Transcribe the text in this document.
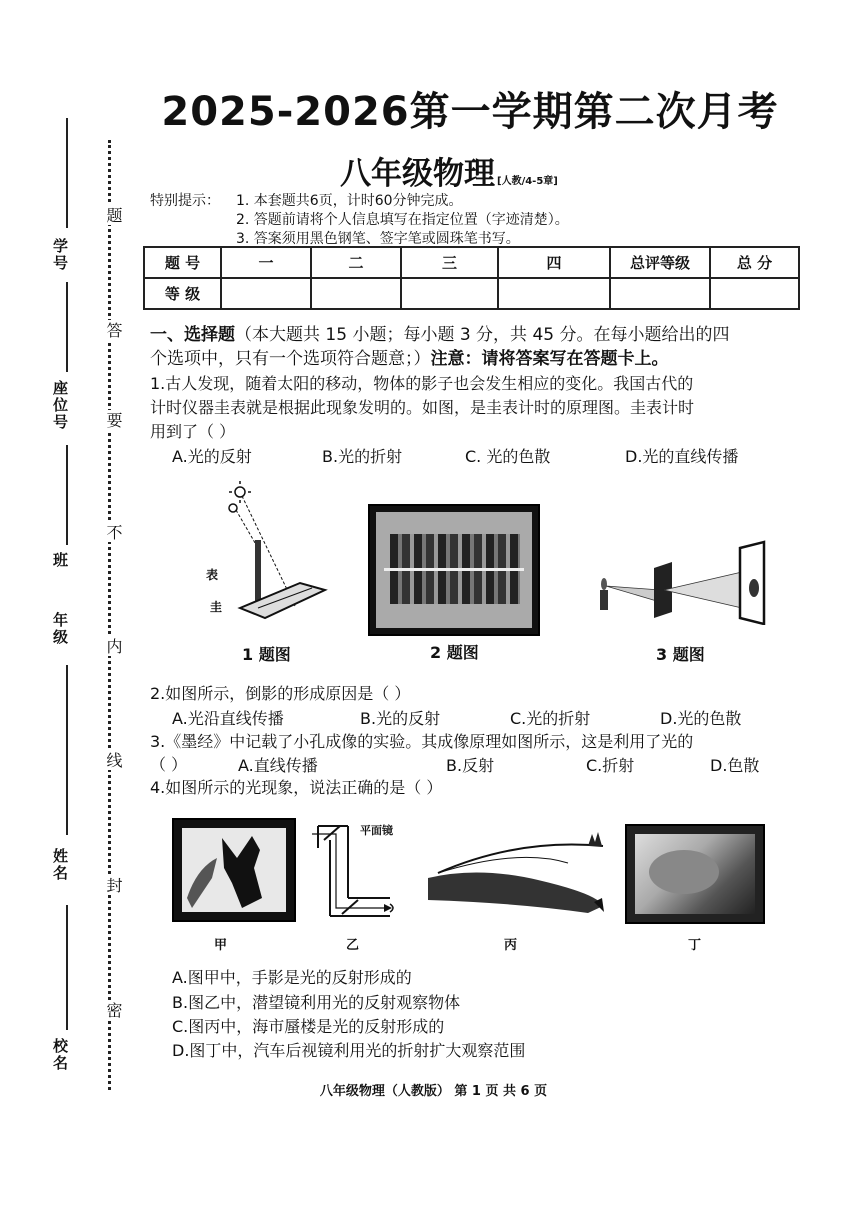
学号
座位号
班
年级
姓名
校名
题
答
要
不
内
线
封
密
2025-2026第一学期第二次月考
八年级物理 [人教/4-5章]
特别提示： 1. 本套题共6页，计时60分钟完成。
2. 答题前请将个人信息填写在指定位置（字迹清楚）。
3. 答案须用黑色钢笔、签字笔或圆珠笔书写。
题 号	一	二	三	四	总评等级	总 分
等 级						
一、选择题（本大题共 15 小题；每小题 3 分，共 45 分。在每小题给出的四
个选项中，只有一个选项符合题意；）注意：请将答案写在答题卡上。
1.古人发现，随着太阳的移动，物体的影子也会发生相应的变化。我国古代的
计时仪器圭表就是根据此现象发明的。如图，是圭表计时的原理图。圭表计时
用到了（ ）
A.光的反射	B.光的折射	C. 光的色散	D.光的直线传播
表
圭
1 题图	2 题图	3 题图
2.如图所示，倒影的形成原因是（ ）
A.光沿直线传播	B.光的反射	C.光的折射	D.光的色散
3.《墨经》中记载了小孔成像的实验。其成像原理如图所示，这是利用了光的
（ ）	A.直线传播	B.反射	C.折射	D.色散
4.如图所示的光现象，说法正确的是（ ）
平面镜
甲	乙	丙	丁
A.图甲中，手影是光的反射形成的
B.图乙中，潜望镜利用光的反射观察物体
C.图丙中，海市蜃楼是光的反射形成的
D.图丁中，汽车后视镜利用光的折射扩大观察范围
八年级物理（人教版） 第 1 页 共 6 页
